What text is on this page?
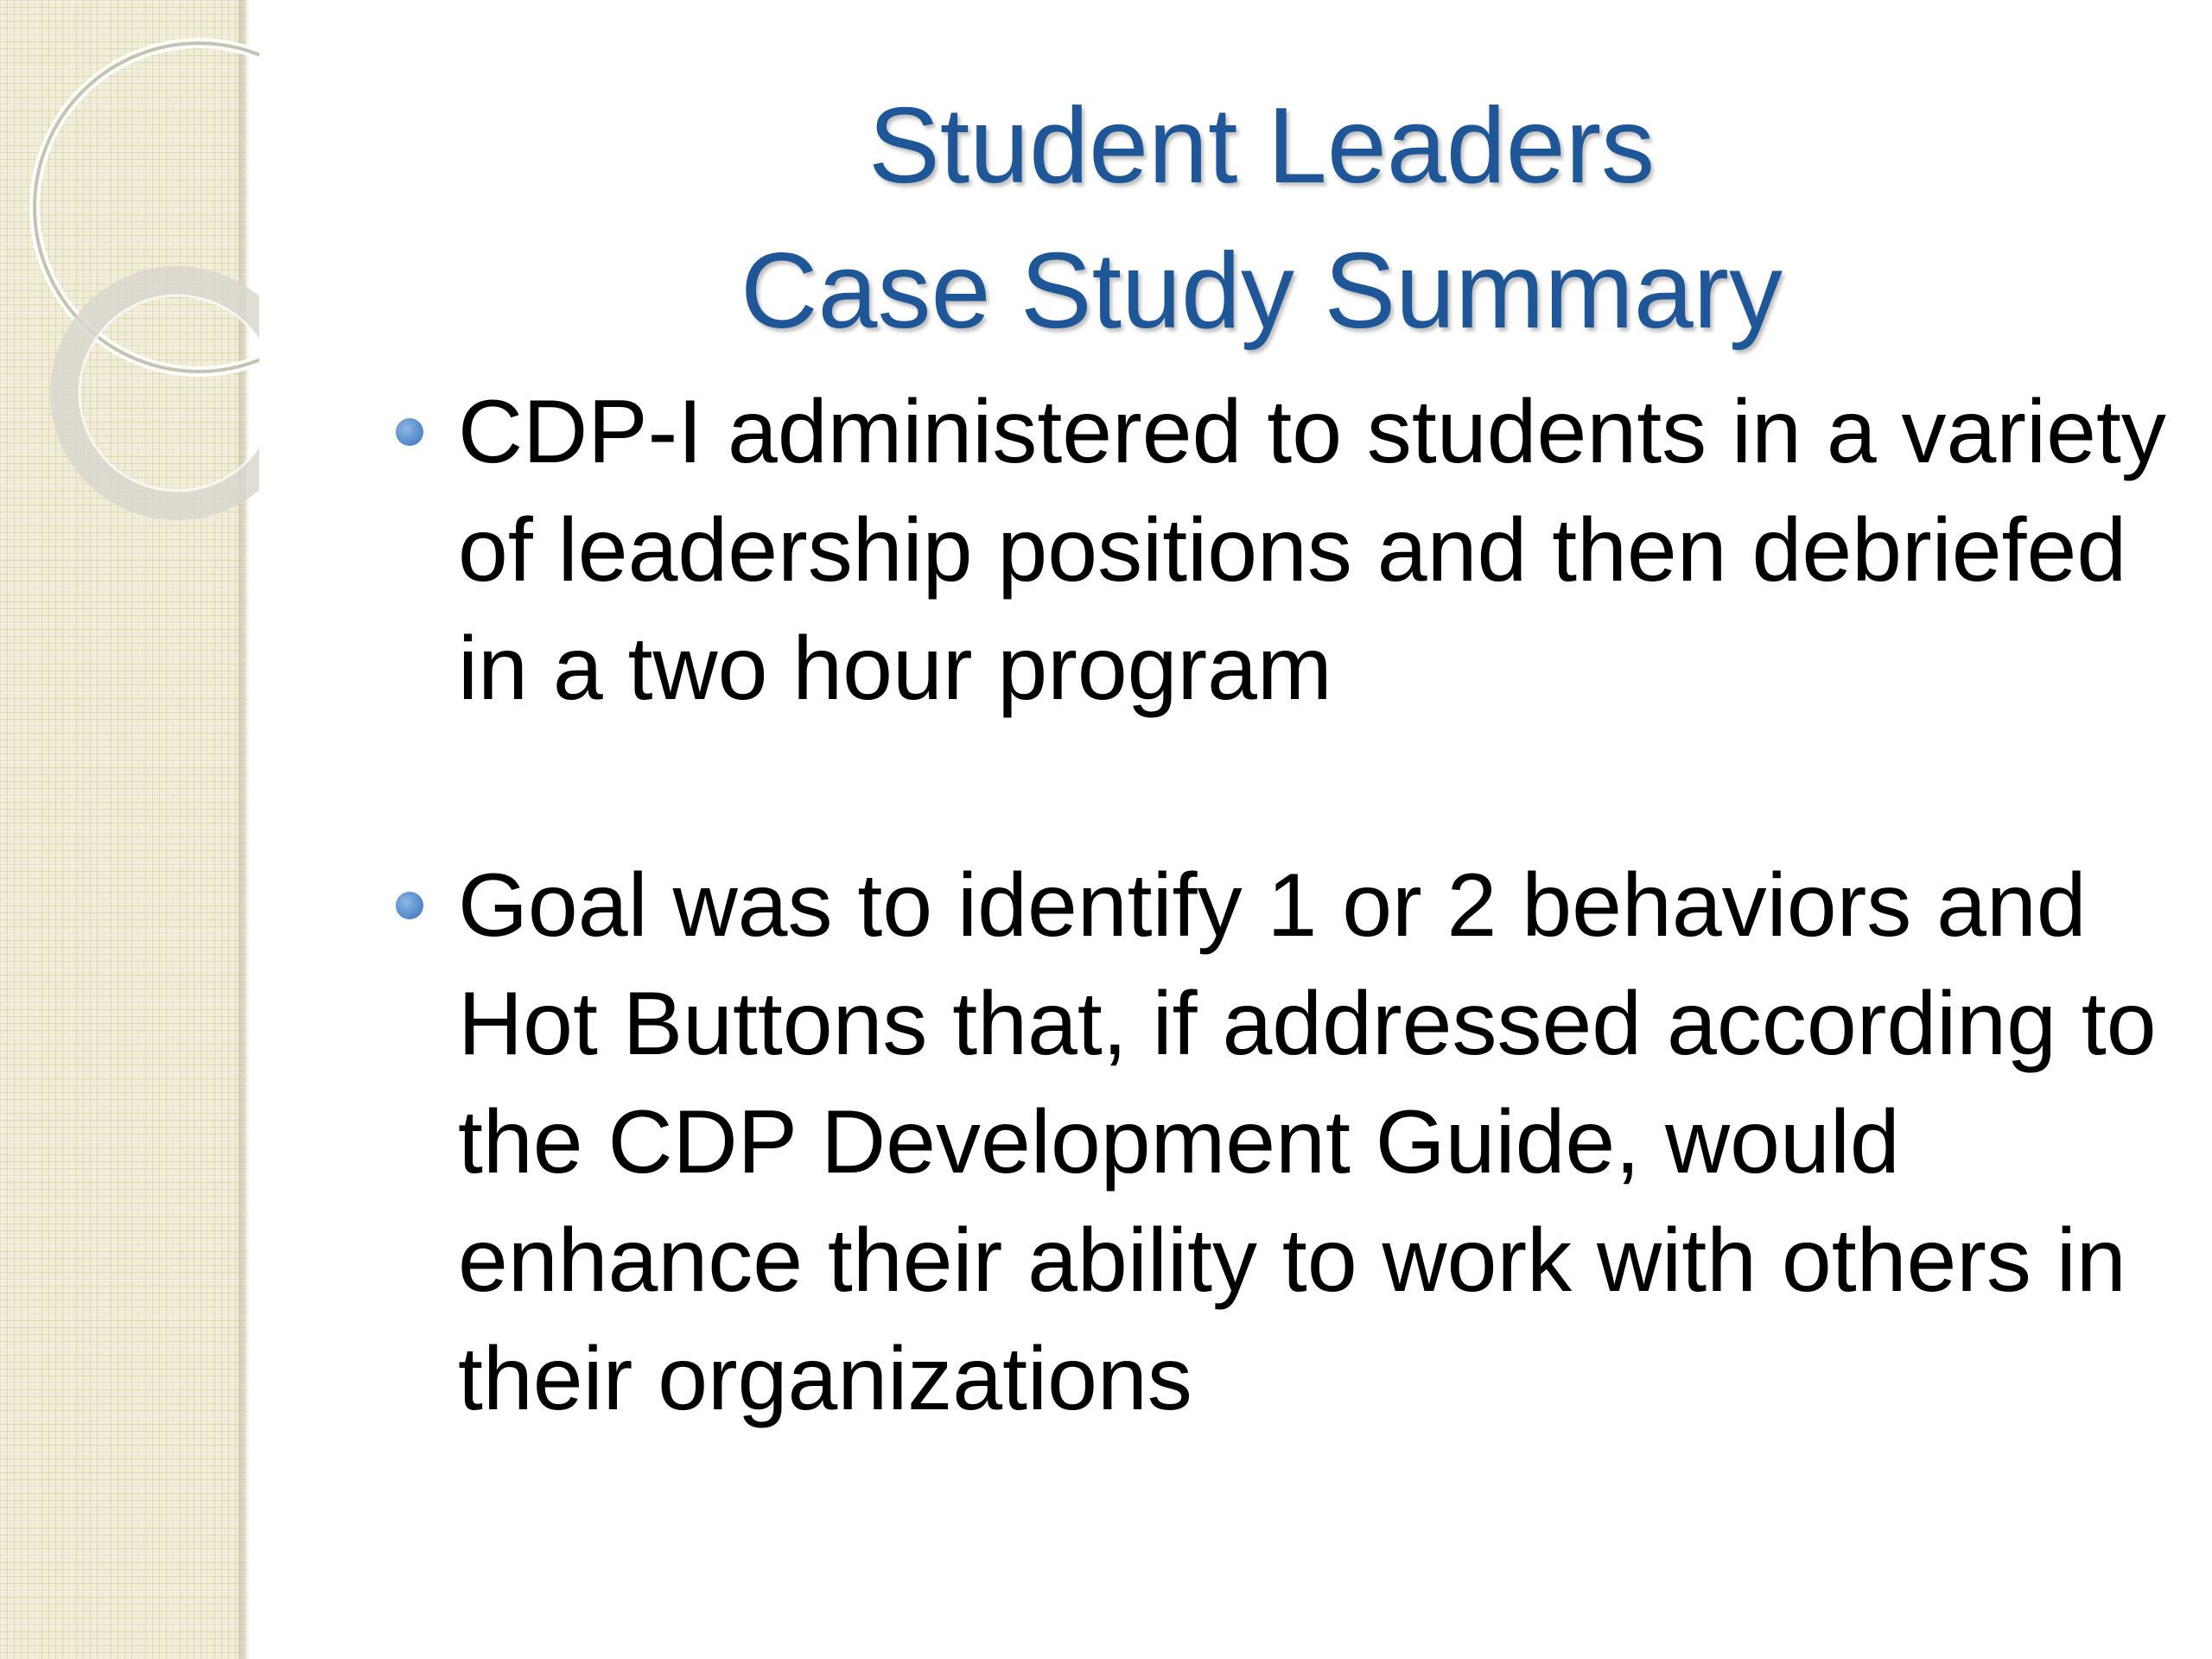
Student Leaders
Case Study Summary
CDP-I administered to students in a variety of leadership positions and then debriefed in a two hour program
Goal was to identify 1 or 2 behaviors and Hot Buttons that, if addressed according to the CDP Development Guide, would enhance their ability to work with others in their organizations
